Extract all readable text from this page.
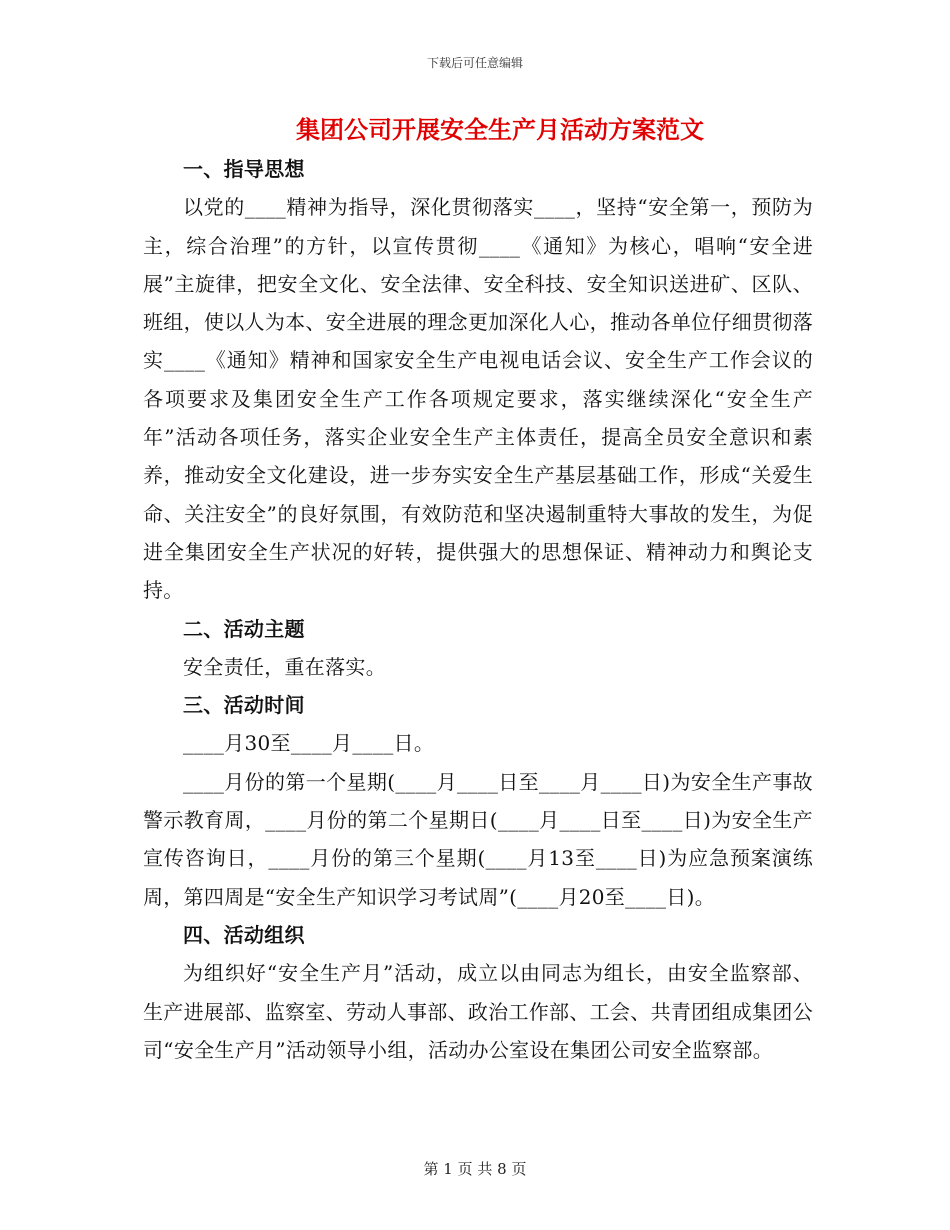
下载后可任意编辑
集团公司开展安全生产月活动方案范文
一、指导思想

以党的____精神为指导，深化贯彻落实____，坚持“安全第一，预防为主，综合治理”的方针，以宣传贯彻____《通知》为核心，唱响“安全进展”主旋律，把安全文化、安全法律、安全科技、安全知识送进矿、区队、班组，使以人为本、安全进展的理念更加深化人心，推动各单位仔细贯彻落实____《通知》精神和国家安全生产电视电话会议、安全生产工作会议的各项要求及集团安全生产工作各项规定要求，落实继续深化“安全生产年”活动各项任务，落实企业安全生产主体责任，提高全员安全意识和素养，推动安全文化建设，进一步夯实安全生产基层基础工作，形成“关爱生命、关注安全”的良好氛围，有效防范和坚决遏制重特大事故的发生，为促进全集团安全生产状况的好转，提供强大的思想保证、精神动力和舆论支持。

二、活动主题

安全责任，重在落实。

三、活动时间

____月30至____月____日。

____月份的第一个星期(____月____日至____月____日)为安全生产事故警示教育周，____月份的第二个星期日(____月____日至____日)为安全生产宣传咨询日，____月份的第三个星期(____月13至____日)为应急预案演练周，第四周是“安全生产知识学习考试周”(____月20至____日)。

四、活动组织

为组织好“安全生产月”活动，成立以由同志为组长，由安全监察部、生产进展部、监察室、劳动人事部、政治工作部、工会、共青团组成集团公司“安全生产月”活动领导小组，活动办公室设在集团公司安全监察部。

第 1 页 共 8 页
